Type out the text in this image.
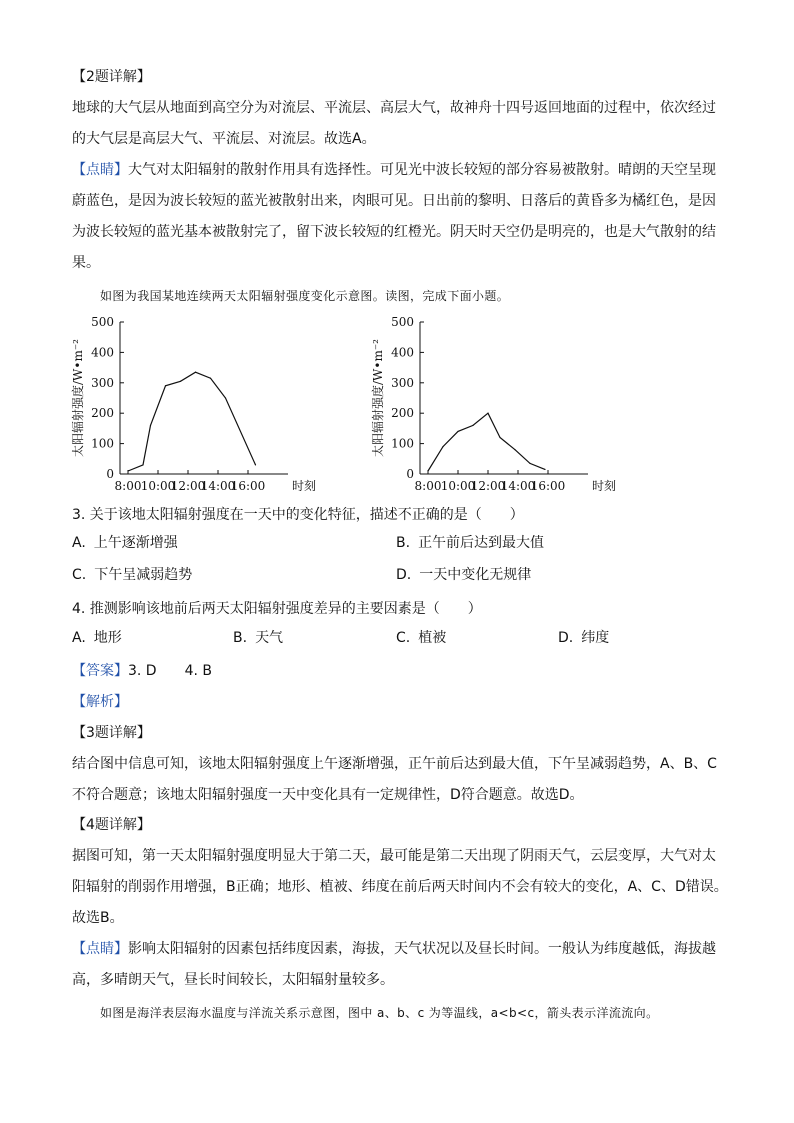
【2题详解】
地球的大气层从地面到高空分为对流层、平流层、高层大气，故神舟十四号返回地面的过程中，依次经过的大气层是高层大气、平流层、对流层。故选A。

【点睛】大气对太阳辐射的散射作用具有选择性。可见光中波长较短的部分容易被散射。晴朗的天空呈现蔚蓝色，是因为波长较短的蓝光被散射出来，肉眼可见。日出前的黎明、日落后的黄昏多为橘红色，是因为波长较短的蓝光基本被散射完了，留下波长较短的红橙光。阴天时天空仍是明亮的，也是大气散射的结果。

如图为我国某地连续两天太阳辐射强度变化示意图。读图，完成下面小题。
0
100
200
300
400
500
8:00 10:00
12:00
14:00
16:00 时刻
太阳辐射强度/W•m⁻²
0
100
200
300
400
500
8:00 10:00
12:00
14:00
16:00 时刻
太阳辐射强度/W•m⁻²
3. 关于该地太阳辐射强度在一天中的变化特征，描述不正确的是（　　）
A. 上午逐渐增强	B. 正午前后达到最大值
C. 下午呈减弱趋势	D. 一天中变化无规律
4. 推测影响该地前后两天太阳辐射强度差异的主要因素是（　　）
A. 地形	B. 天气	C. 植被	D. 纬度
【答案】3. D　　4. B
【解析】

【3题详解】
结合图中信息可知，该地太阳辐射强度上午逐渐增强，正午前后达到最大值，下午呈减弱趋势，A、B、C不符合题意；该地太阳辐射强度一天中变化具有一定规律性，D符合题意。故选D。

【4题详解】
据图可知，第一天太阳辐射强度明显大于第二天，最可能是第二天出现了阴雨天气，云层变厚，大气对太阳辐射的削弱作用增强，B正确；地形、植被、纬度在前后两天时间内不会有较大的变化，A、C、D错误。故选B。

【点睛】影响太阳辐射的因素包括纬度因素，海拔，天气状况以及昼长时间。一般认为纬度越低，海拔越高，多晴朗天气，昼长时间较长，太阳辐射量较多。

如图是海洋表层海水温度与洋流关系示意图，图中 a、b、c 为等温线，a<b<c，箭头表示洋流流向。
